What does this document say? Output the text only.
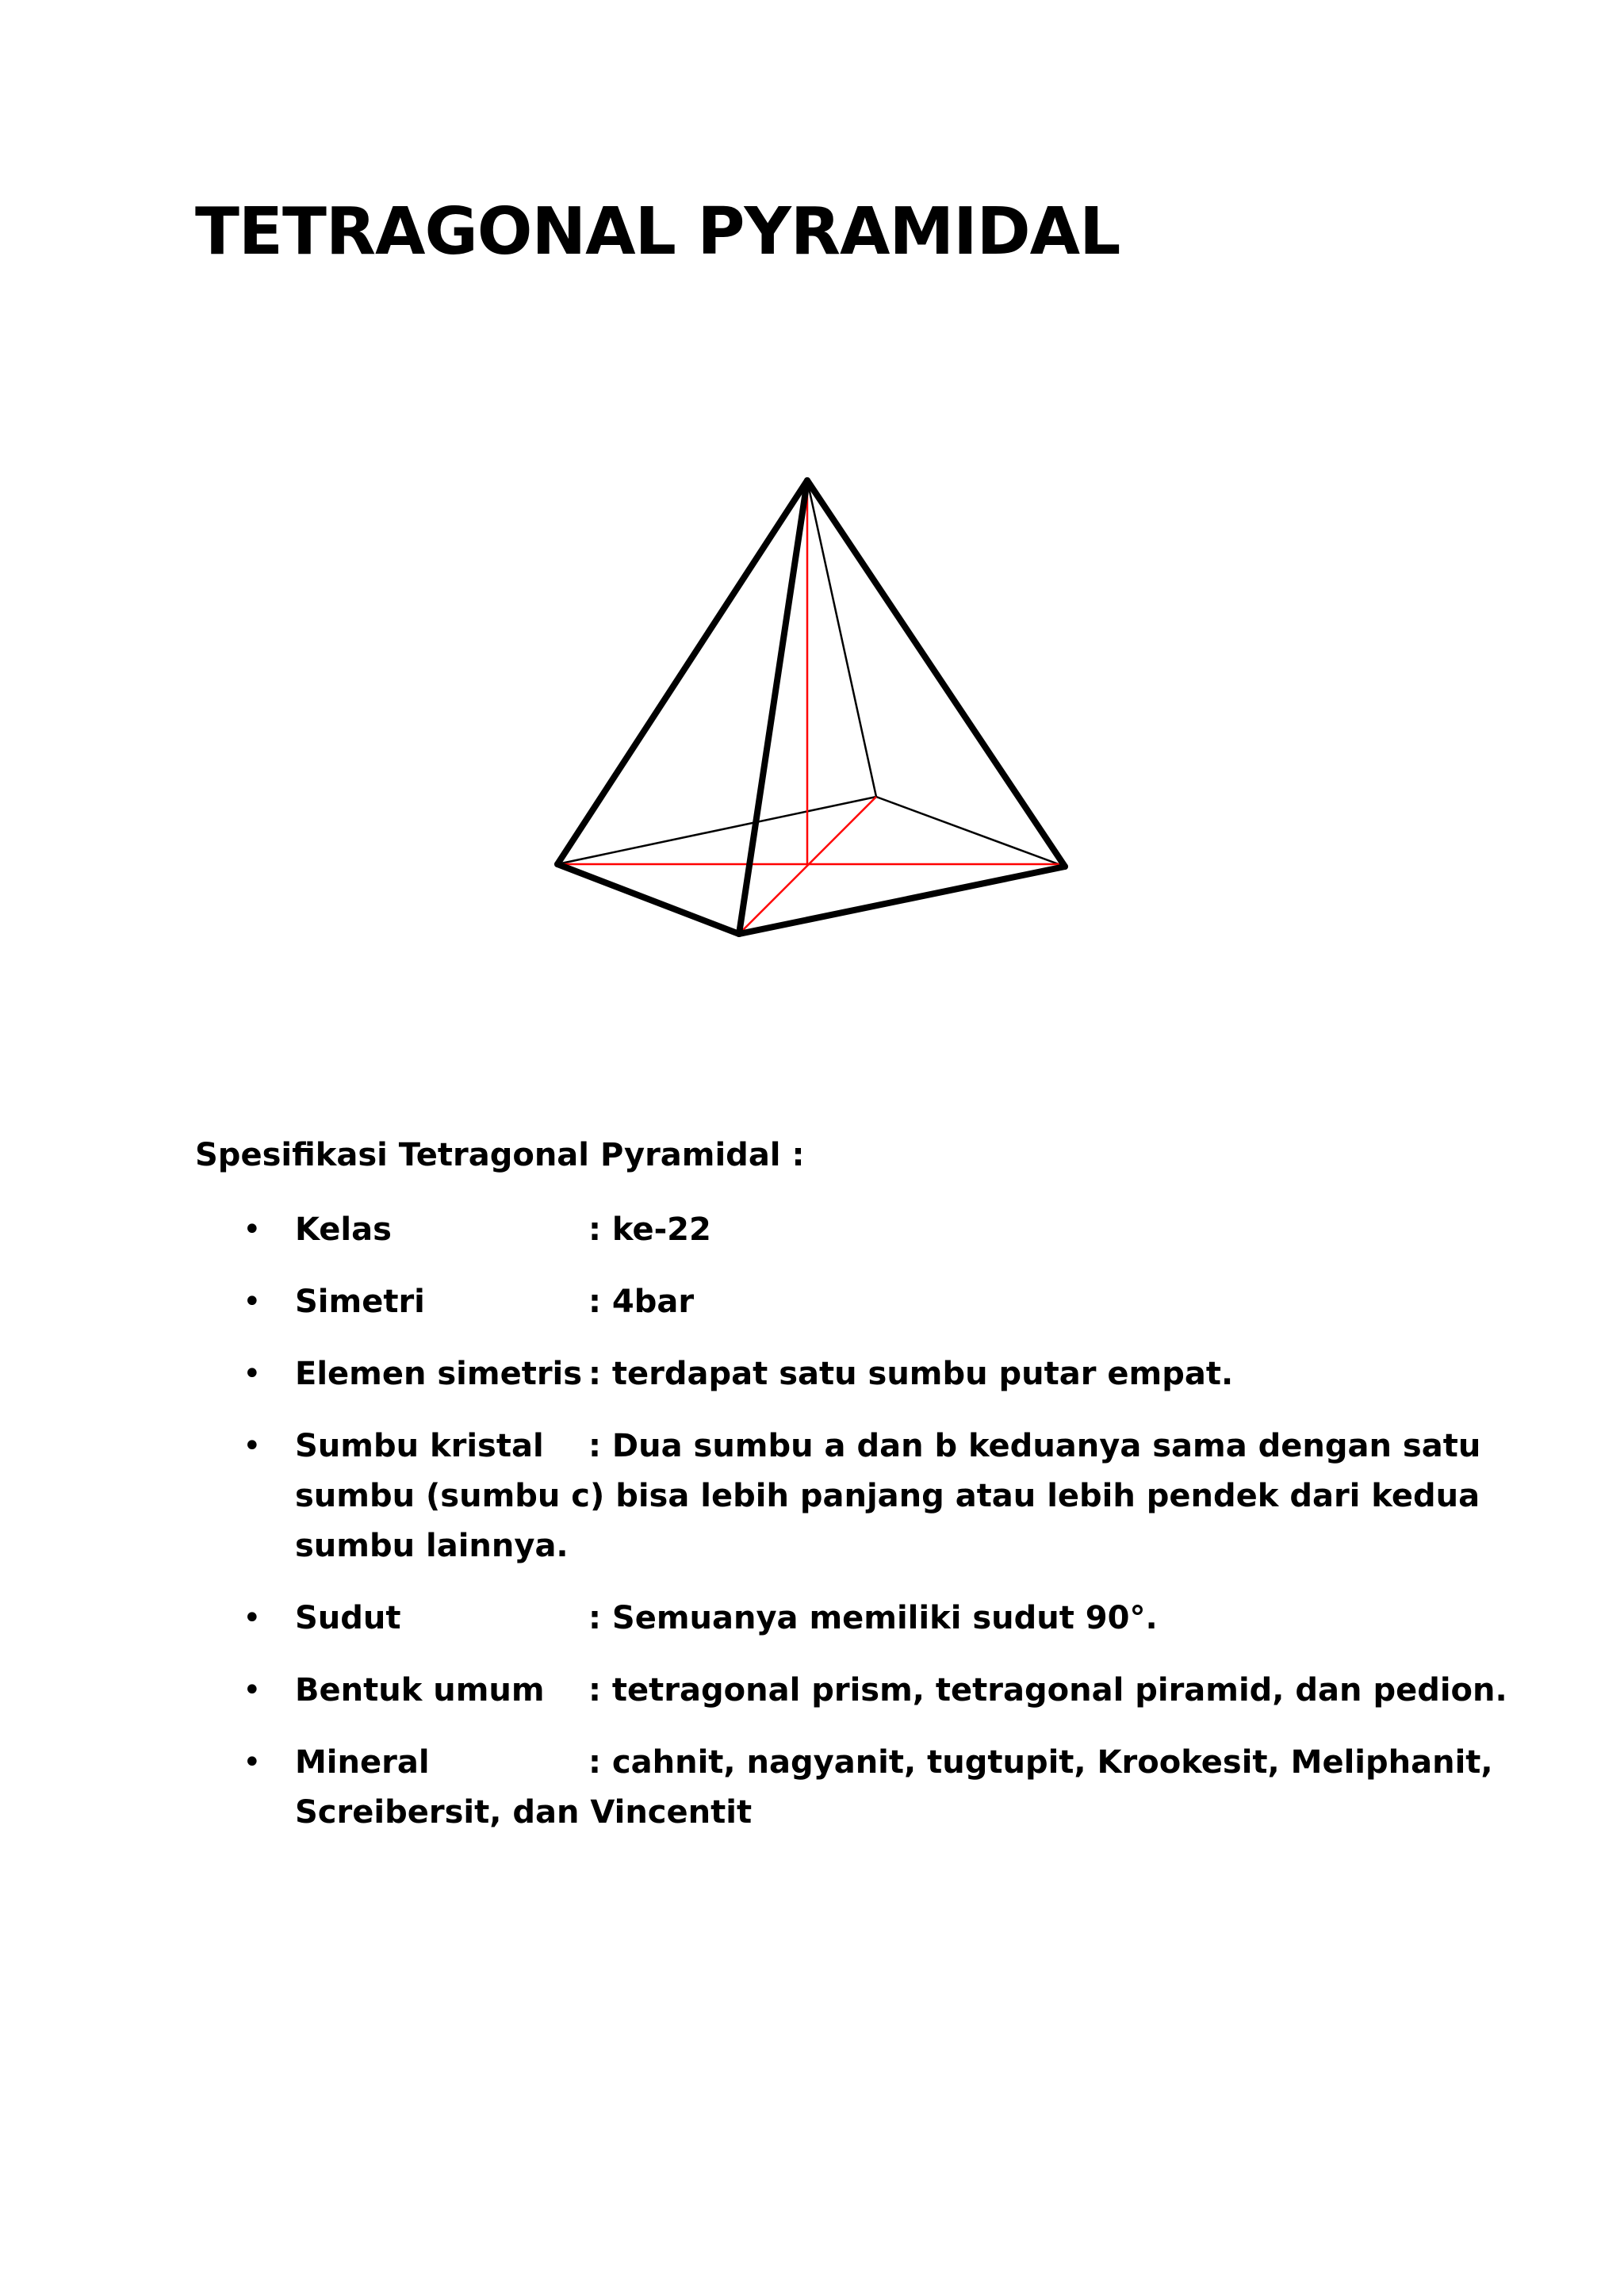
TETRAGONAL PYRAMIDAL
Spesifikasi Tetragonal Pyramidal :
• Kelas	: ke-22
• Simetri	: 4bar
• Elemen simetris : terdapat satu sumbu putar empat.
• Sumbu kristal	: Dua sumbu a dan b keduanya sama dengan satu
sumbu (sumbu c) bisa lebih panjang atau lebih pendek dari kedua
sumbu lainnya.
• Sudut	: Semuanya memiliki sudut 90°.
• Bentuk umum	: tetragonal prism, tetragonal piramid, dan pedion.
• Mineral	: cahnit, nagyanit, tugtupit, Krookesit, Meliphanit,
Screibersit, dan Vincentit
